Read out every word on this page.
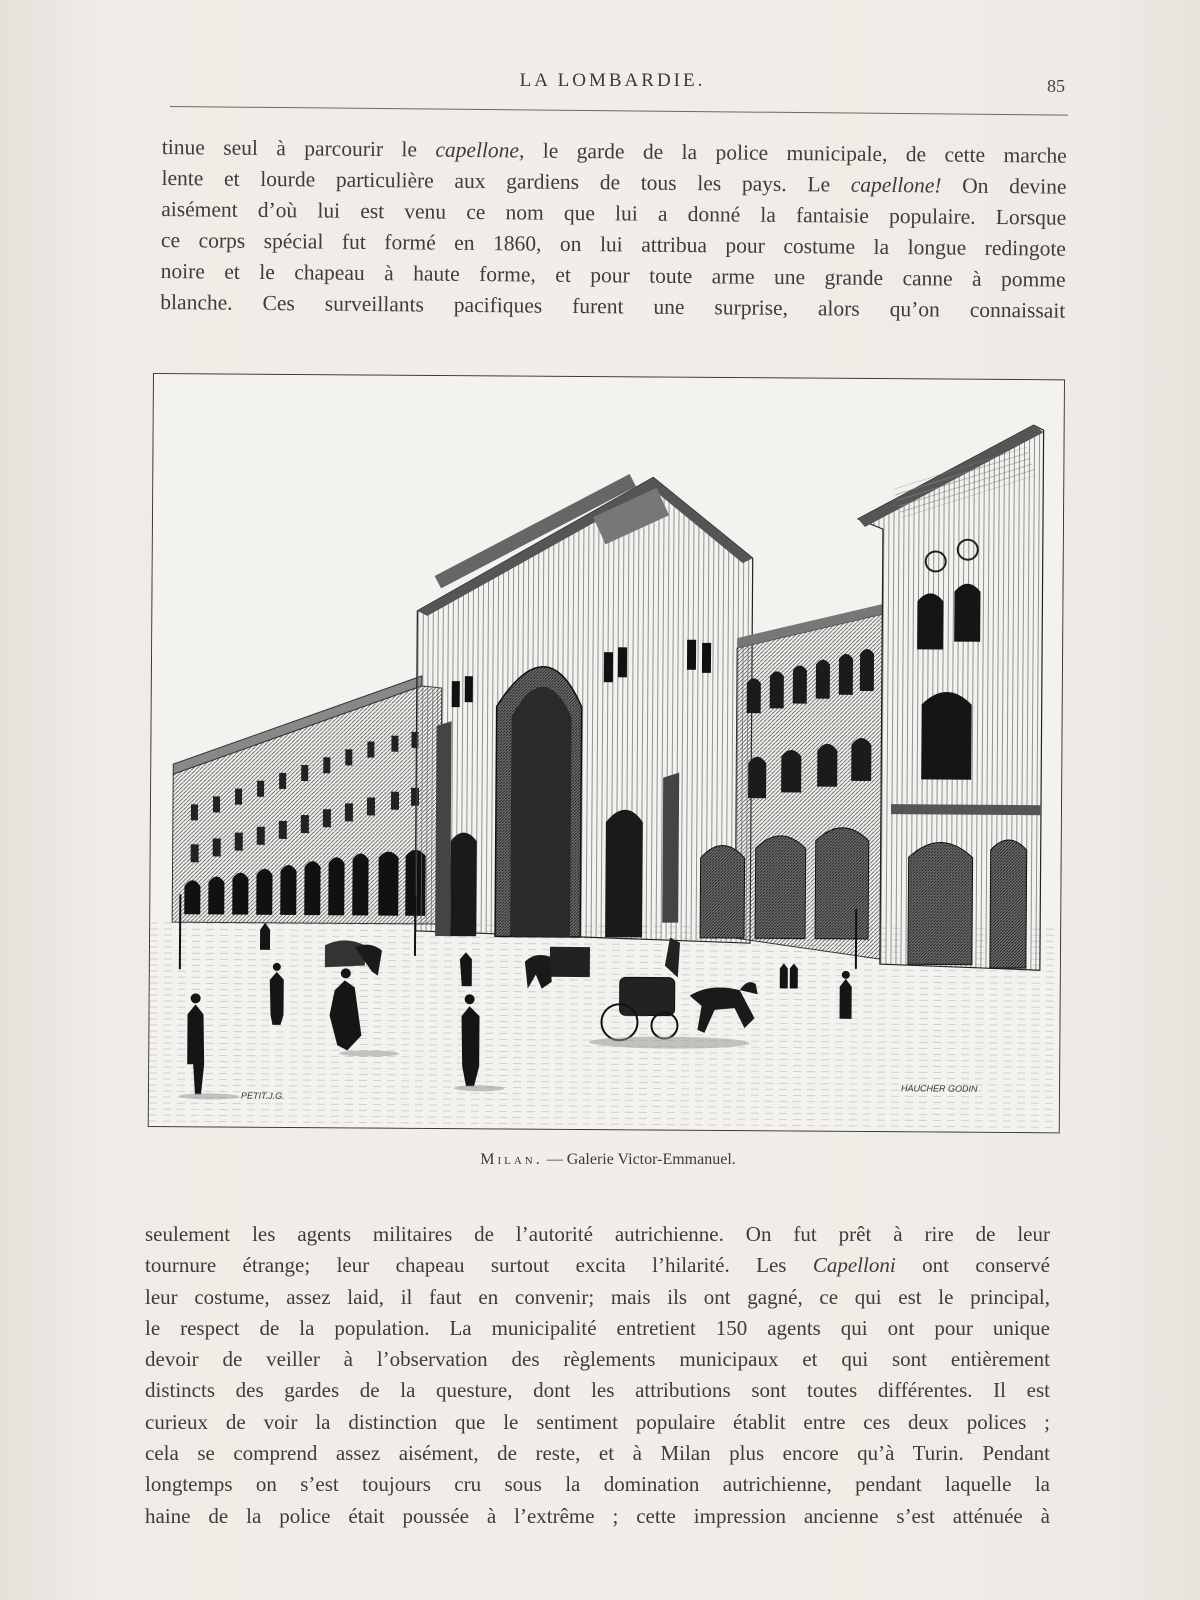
LA LOMBARDIE.	85
tinue seul à parcourir le capellone, le garde de la police municipale, de cette marche
lente et lourde particulière aux gardiens de tous les pays. Le capellone! On devine
aisément d’où lui est venu ce nom que lui a donné la fantaisie populaire. Lorsque
ce corps spécial fut formé en 1860, on lui attribua pour costume la longue redingote
noire et le chapeau à haute forme, et pour toute arme une grande canne à pomme
blanche. Ces surveillants pacifiques furent une surprise, alors qu’on connaissait
PETIT.J.G.
HAUCHER GODIN
Milan. — Galerie Victor-Emmanuel.
seulement les agents militaires de l’autorité autrichienne. On fut prêt à rire de leur
tournure étrange; leur chapeau surtout excita l’hilarité. Les Capelloni ont conservé
leur costume, assez laid, il faut en convenir; mais ils ont gagné, ce qui est le principal,
le respect de la population. La municipalité entretient 150 agents qui ont pour unique
devoir de veiller à l’observation des règlements municipaux et qui sont entièrement
distincts des gardes de la questure, dont les attributions sont toutes différentes. Il est
curieux de voir la distinction que le sentiment populaire établit entre ces deux polices ;
cela se comprend assez aisément, de reste, et à Milan plus encore qu’à Turin. Pendant
longtemps on s’est toujours cru sous la domination autrichienne, pendant laquelle la
haine de la police était poussée à l’extrême ; cette impression ancienne s’est atténuée à
